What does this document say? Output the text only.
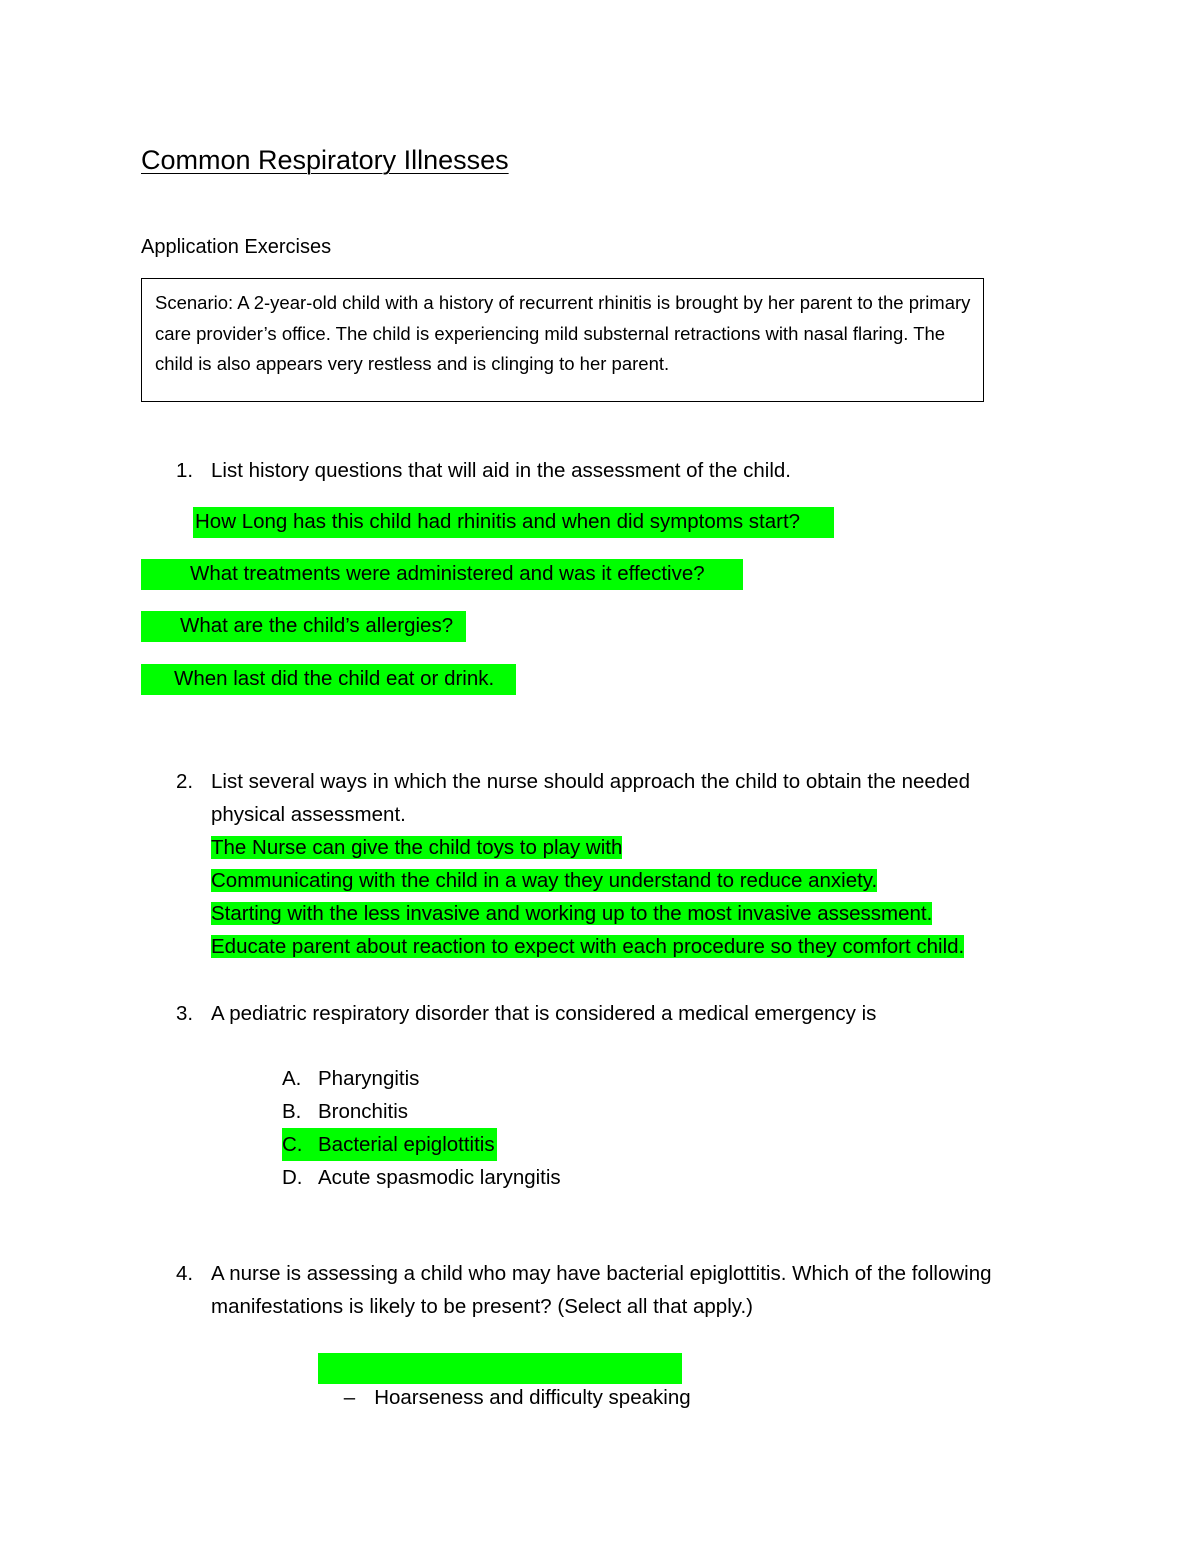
Common Respiratory Illnesses
Application Exercises
Scenario: A 2-year-old child with a history of recurrent rhinitis is brought by her parent to the primary care provider’s office. The child is experiencing mild substernal retractions with nasal flaring. The child is also appears very restless and is clinging to her parent.
1. List history questions that will aid in the assessment of the child.
How Long has this child had rhinitis and when did symptoms start?
What treatments were administered and was it effective?
What are the child’s allergies?
When last did the child eat or drink.
2. List several ways in which the nurse should approach the child to obtain the needed physical assessment.
The Nurse can give the child toys to play with
Communicating with the child in a way they understand to reduce anxiety.
Starting with the less invasive and working up to the most invasive assessment.
Educate parent about reaction to expect with each procedure so they comfort child.
3. A pediatric respiratory disorder that is considered a medical emergency is
A. Pharyngitis
B. Bronchitis
C. Bacterial epiglottitis
D. Acute spasmodic laryngitis
4. A nurse is assessing a child who may have bacterial epiglottitis. Which of the following manifestations is likely to be present? (Select all that apply.)

– Hoarseness and difficulty speaking
